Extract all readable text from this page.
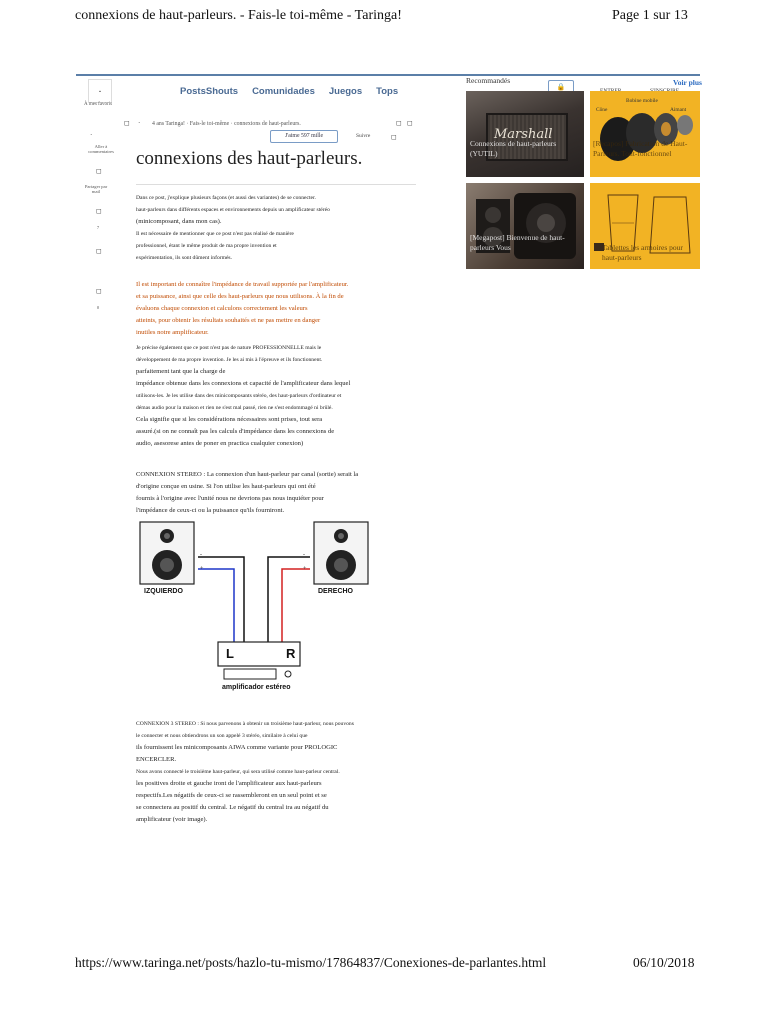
connexions de haut-parleurs. - Fais-le toi-même - Taringa!	Page 1 sur 13
https://www.taringa.net/posts/hazlo-tu-mismo/17864837/Conexiones-de-parlantes.html	06/10/2018
.
À mes favoris
PostsShouts Comunidades Juegos Tops
Recommandés
🔒	Voir plus
Marshall
Connexions de haut-parleurs (YUTIL)
Bobine mobile
Cône	Aimant
[Recapos] Fabrication de Haut-Parleurs. Tout-fonctionnel
[Megapost] Bienvenue de haut-parleurs Vous	Tablettes les armoires pour haut-parleurs
◻ · 4 ans Taringa! · Fais-le toi-même · connexions de haut-parleurs.	◻ ◻
J'aime 597 mille	Suivre	◻
·
Aller à commentaires
◻
Partager par mail
◻
7
◻
◻
0
connexions des haut-parleurs.
Dans ce post, j'explique plusieurs façons (et aussi des variantes) de se connecter.
haut-parleurs dans différents espaces et environnements depuis un amplificateur stéréo
(minicomposant, dans mon cas).
Il est nécessaire de mentionner que ce post n'est pas réalisé de manière
professionnel, étant le même produit de ma propre invention et
expérimentation, ils sont dûment informés.
Il est important de connaître l'impédance de travail supportée par l'amplificateur.
et sa puissance, ainsi que celle des haut-parleurs que nous utilisons. À la fin de
évaluons chaque connexion et calculons correctement les valeurs
atteints, pour obtenir les résultats souhaités et ne pas mettre en danger
inutiles notre amplificateur.
Je précise également que ce post n'est pas de nature PROFESSIONNELLE mais le
développement de ma propre invention. Je les ai mis à l'épreuve et ils fonctionnent.
parfaitement tant que la charge de
impédance obtenue dans les connexions et capacité de l'amplificateur dans lequel
utilisons-les. Je les utilise dans des minicomposants stéréo, des haut-parleurs d'ordinateur et
démas audio pour la maison et rien ne s'est mal passé, rien ne s'est endommagé ni brûlé.
Cela signifie que si les considérations nécessaires sont prises, tout sera
assuré.(si on ne connaît pas les calculs d'impédance dans les connexions de
audio, asesorese antes de poner en practica cualquier conexion)
CONNEXION STEREO : La connexion d'un haut-parleur par canal (sortie) serait la
d'origine conçue en usine. Si l'on utilise les haut-parleurs qui ont été
fournis à l'origine avec l'unité nous ne devrions pas nous inquiéter pour
l'impédance de ceux-ci ou la puissance qu'ils fourniront.
-
+
-
+
IZQUIERDO	DERECHO
L	R
amplificador estéreo
CONNEXION 3 STEREO : Si nous parvenons à obtenir un troisième haut-parleur, nous pouvons
le connecter et nous obtiendrons un son appelé 3 stéréo, similaire à celui que
ils fournissent les minicomposants AIWA comme variante pour PROLOGIC
ENCERCLER.
Nous avons connecté le troisième haut-parleur, qui sera utilisé comme haut-parleur central.
les positives droite et gauche iront de l'amplificateur aux haut-parleurs
respectifs.Les négatifs de ceux-ci se rassembleront en un seul point et se
se connectera au positif du central. Le négatif du central ira au négatif du
amplificateur (voir image).
